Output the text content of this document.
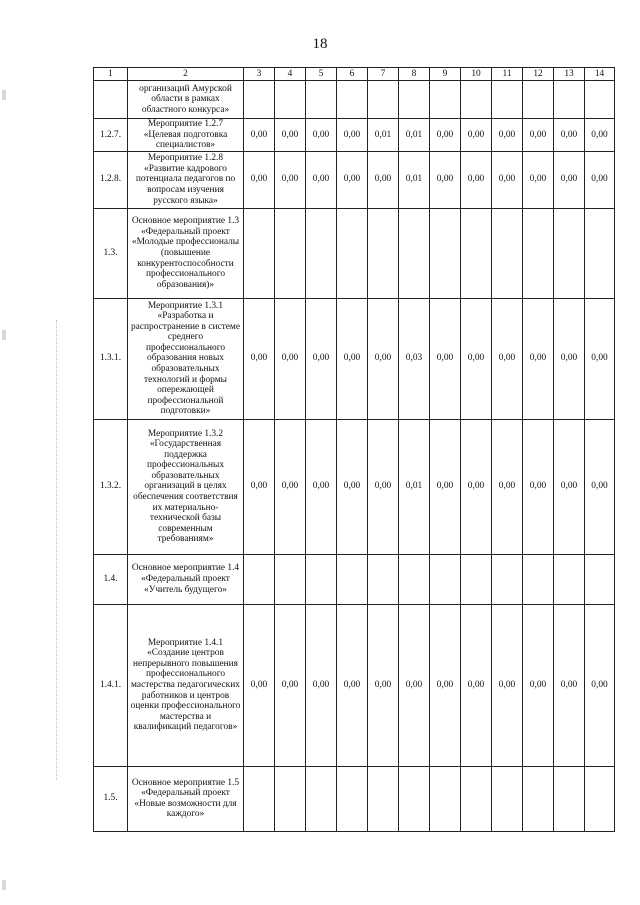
18
1	2	3	4	5	6	7	8	9	10	11	12	13	14
	организаций Амурской области в рамках областного конкурса»												
1.2.7.	Мероприятие 1.2.7 «Целевая подготовка специалистов»	0,00	0,00	0,00	0,00	0,01	0,01	0,00	0,00	0,00	0,00	0,00	0,00
1.2.8.	Мероприятие 1.2.8 «Развитие кадрового потенциала педагогов по вопросам изучения русского языка»	0,00	0,00	0,00	0,00	0,00	0,01	0,00	0,00	0,00	0,00	0,00	0,00
1.3.	Основное мероприятие 1.3 «Федеральный проект «Молодые профессионалы (повышение конкурентоспособности профессионального образования)»												
1.3.1.	Мероприятие 1.3.1 «Разработка и распространение в системе среднего профессионального образования новых образовательных технологий и формы опережающей профессиональной подготовки»	0,00	0,00	0,00	0,00	0,00	0,03	0,00	0,00	0,00	0,00	0,00	0,00
1.3.2.	Мероприятие 1.3.2 «Государственная поддержка профессиональных образовательных организаций в целях обеспечения соответствия их материально-технической базы современным требованиям»	0,00	0,00	0,00	0,00	0,00	0,01	0,00	0,00	0,00	0,00	0,00	0,00
1.4.	Основное мероприятие 1.4 «Федеральный проект «Учитель будущего»												
1.4.1.	Мероприятие 1.4.1 «Создание центров непрерывного повышения профессионального мастерства педагогических работников и центров оценки профессионального мастерства и квалификаций педагогов»	0,00	0,00	0,00	0,00	0,00	0,00	0,00	0,00	0,00	0,00	0,00	0,00
1.5.	Основное мероприятие 1.5 «Федеральный проект «Новые возможности для каждого»												
